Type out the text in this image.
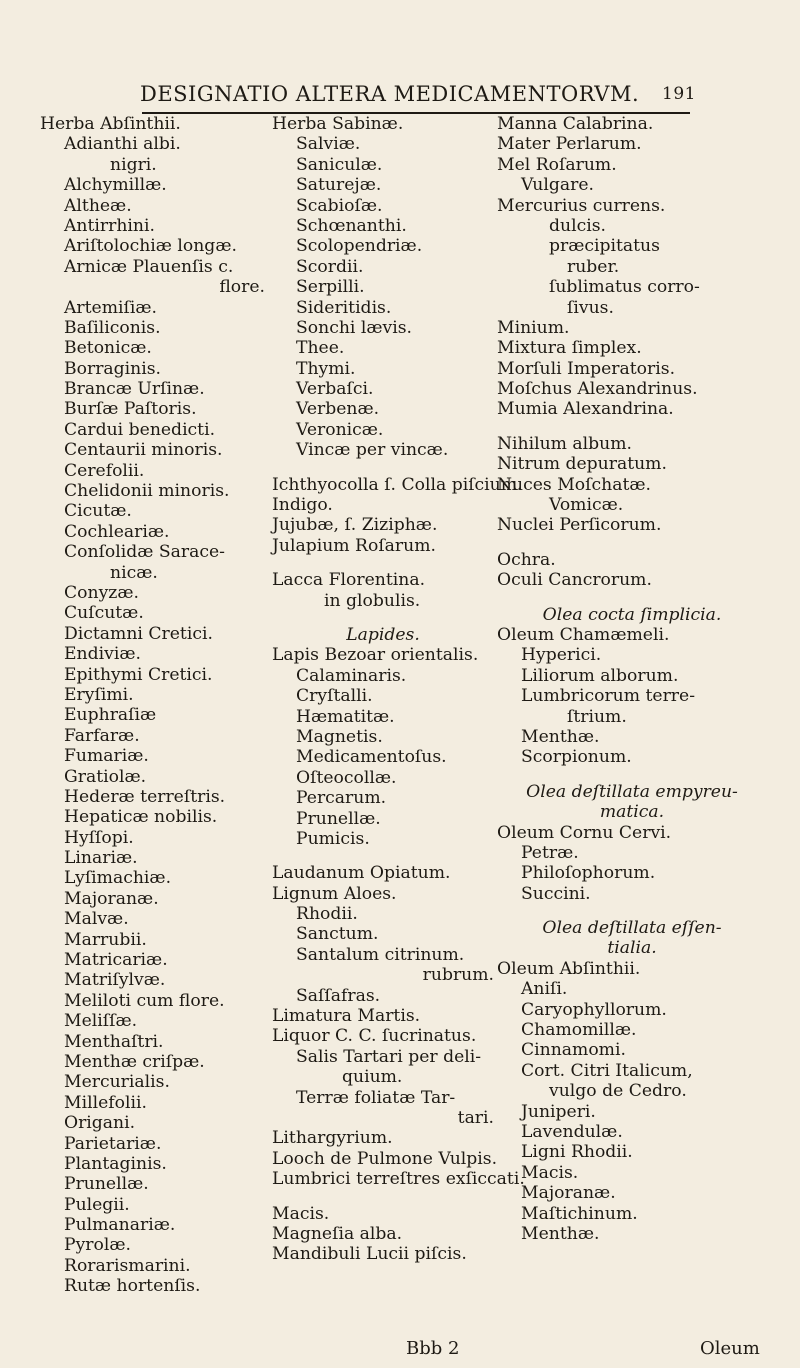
DESIGNATIO ALTERA MEDICAMENTORVM. 191
Herba Abſinthii.
Adianthi albi.
nigri.
Alchymillæ.
Altheæ.
Antirrhini.
Ariſtolochiæ longæ.
Arnicæ Plauenſis c.
flore.
Artemiſiæ.
Baſiliconis.
Betonicæ.
Borraginis.
Brancæ Urſinæ.
Burſæ Paſtoris.
Cardui benedicti.
Centaurii minoris.
Cerefolii.
Chelidonii minoris.
Cicutæ.
Cochleariæ.
Conſolidæ Sarace-
nicæ.
Conyzæ.
Cuſcutæ.
Dictamni Cretici.
Endiviæ.
Epithymi Cretici.
Eryſimi.
Euphraſiæ
Farfaræ.
Fumariæ.
Gratiolæ.
Hederæ terreſtris.
Hepaticæ nobilis.
Hyſſopi.
Linariæ.
Lyſimachiæ.
Majoranæ.
Malvæ.
Marrubii.
Matricariæ.
Matriſylvæ.
Meliloti cum flore.
Meliſſæ.
Menthaſtri.
Menthæ criſpæ.
Mercurialis.
Millefolii.
Origani.
Parietariæ.
Plantaginis.
Prunellæ.
Pulegii.
Pulmanariæ.
Pyrolæ.
Rorarismarini.
Rutæ hortenſis.
Herba Sabinæ.
Salviæ.
Saniculæ.
Saturejæ.
Scabioſæ.
Schœnanthi.
Scolopendriæ.
Scordii.
Serpilli.
Sideritidis.
Sonchi lævis.
Thee.
Thymi.
Verbaſci.
Verbenæ.
Veronicæ.
Vincæ per vincæ.
Ichthyocolla ſ. Colla piſcium.
Indigo.
Jujubæ, ſ. Ziziphæ.
Julapium Roſarum.
Lacca Florentina.
in globulis.
Lapides.
Lapis Bezoar orientalis.
Calaminaris.
Cryſtalli.
Hæmatitæ.
Magnetis.
Medicamentoſus.
Oſteocollæ.
Percarum.
Prunellæ.
Pumicis.
Laudanum Opiatum.
Lignum Aloes.
Rhodii.
Sanctum.
Santalum citrinum.
rubrum.
Saſſafras.
Limatura Martis.
Liquor C. C. ſucrinatus.
Salis Tartari per deli-
quium.
Terræ foliatæ Tar-
tari.
Lithargyrium.
Looch de Pulmone Vulpis.
Lumbrici terreſtres exſiccati.
Macis.
Magneſia alba.
Mandibuli Lucii piſcis.
Manna Calabrina.
Mater Perlarum.
Mel Roſarum.
Vulgare.
Mercurius currens.
dulcis.
præcipitatus
ruber.
ſublimatus corro-
ſivus.
Minium.
Mixtura ſimplex.
Morſuli Imperatoris.
Moſchus Alexandrinus.
Mumia Alexandrina.
Nihilum album.
Nitrum depuratum.
Nuces Moſchatæ.
Vomicæ.
Nuclei Perſicorum.
Ochra.
Oculi Cancrorum.
Olea cocta ſimplicia.
Oleum Chamæmeli.
Hyperici.
Liliorum alborum.
Lumbricorum terre-
ſtrium.
Menthæ.
Scorpionum.
Olea deſtillata empyreu-
matica.
Oleum Cornu Cervi.
Petræ.
Philoſophorum.
Succini.
Olea deſtillata eſſen-
tialia.
Oleum Abſinthii.
Aniſi.
Caryophyllorum.
Chamomillæ.
Cinnamomi.
Cort. Citri Italicum,
vulgo de Cedro.
Juniperi.
Lavendulæ.
Ligni Rhodii.
Macis.
Majoranæ.
Maſtichinum.
Menthæ.
Bbb 2	Oleum
